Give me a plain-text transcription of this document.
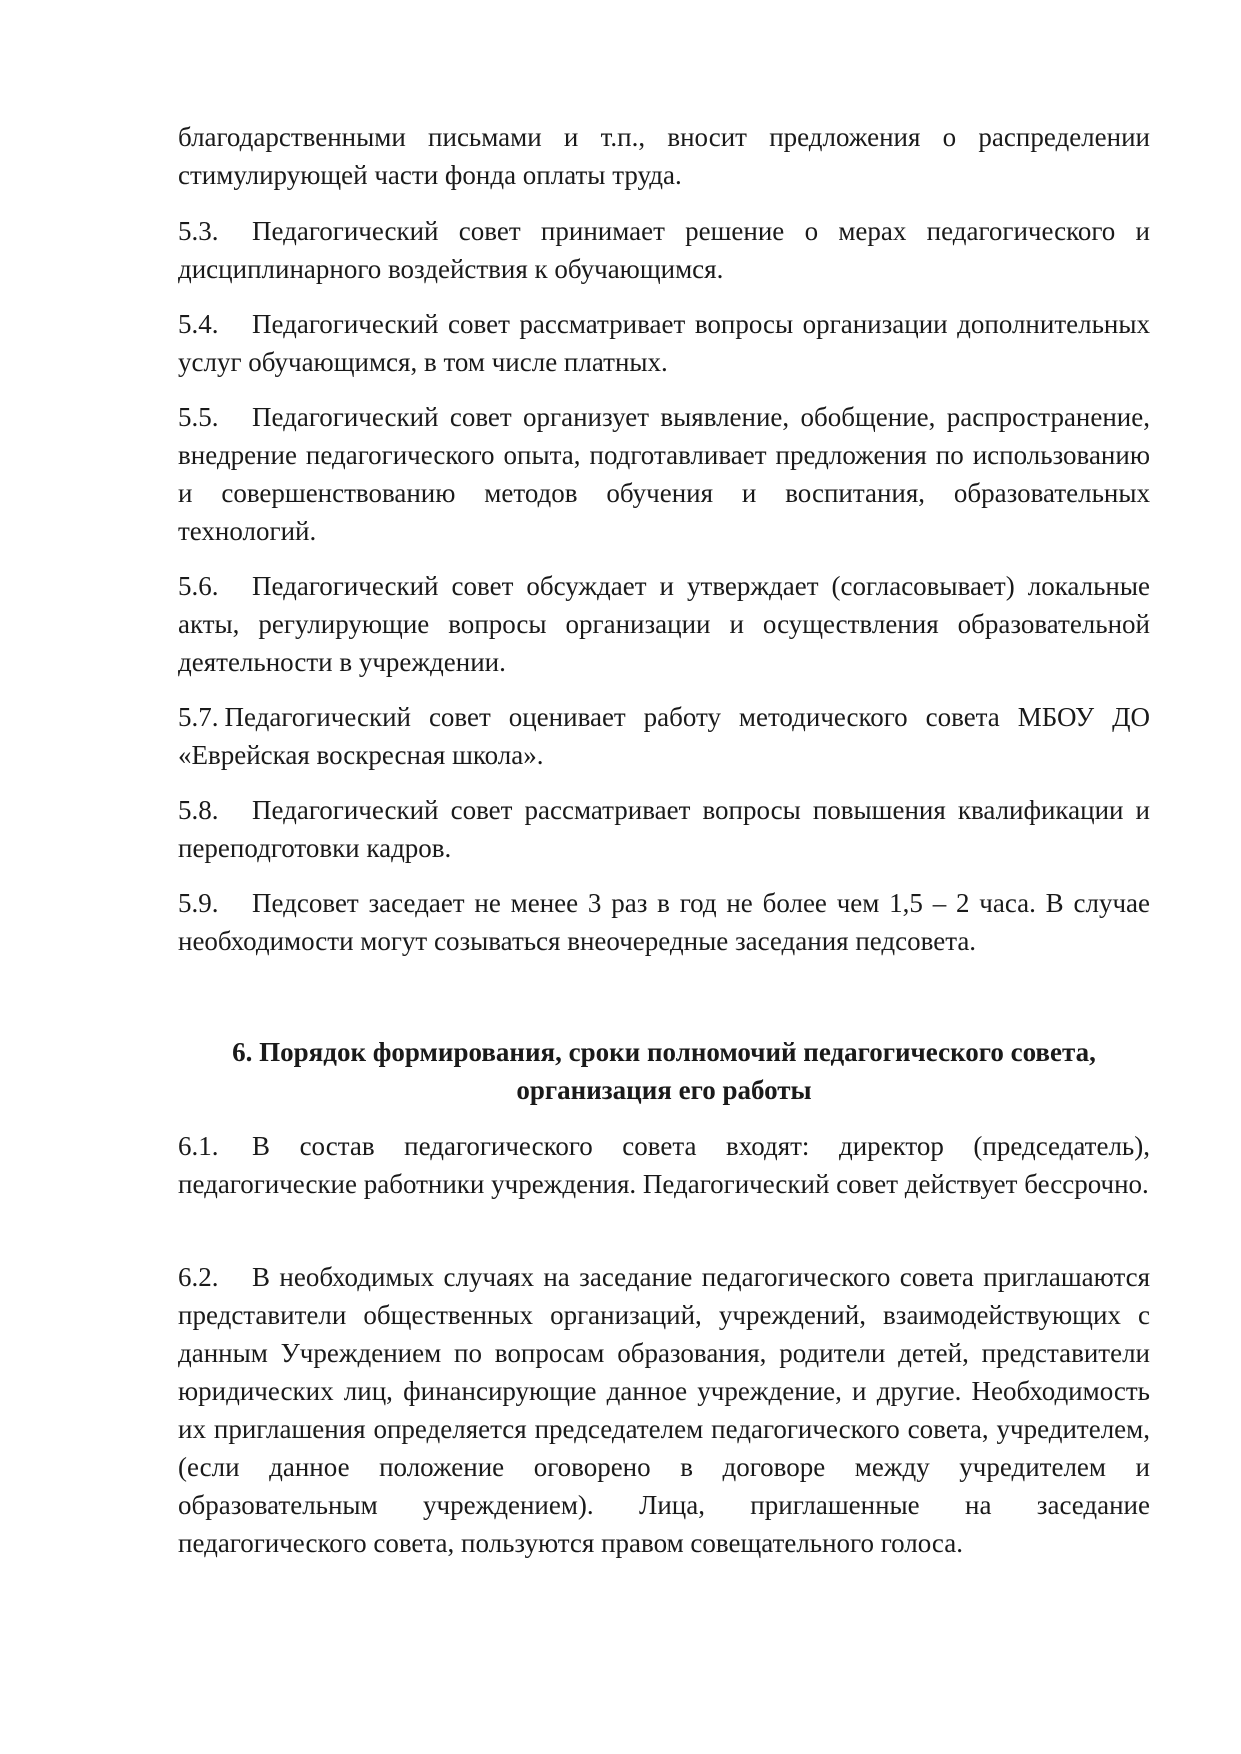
благодарственными письмами и т.п., вносит предложения о распределении стимулирующей части фонда оплаты труда.

5.3. Педагогический совет принимает решение о мерах педагогического и дисциплинарного воздействия к обучающимся.

5.4. Педагогический совет рассматривает вопросы организации дополнительных услуг обучающимся, в том числе платных.

5.5. Педагогический совет организует выявление, обобщение, распространение, внедрение педагогического опыта, подготавливает предложения по использованию и совершенствованию методов обучения и воспитания, образовательных технологий.

5.6. Педагогический совет обсуждает и утверждает (согласовывает) локальные акты, регулирующие вопросы организации и осуществления образовательной деятельности в учреждении.

5.7. Педагогический совет оценивает работу методического совета МБОУ ДО «Еврейская воскресная школа».

5.8. Педагогический совет рассматривает вопросы повышения квалификации и переподготовки кадров.

5.9. Педсовет заседает не менее 3 раз в год не более чем 1,5 – 2 часа. В случае необходимости могут созываться внеочередные заседания педсовета.

6. Порядок формирования, сроки полномочий педагогического совета,
организация его работы

6.1. В состав педагогического совета входят: директор (председатель), педагогические работники учреждения. Педагогический совет действует бессрочно.

6.2. В необходимых случаях на заседание педагогического совета приглашаются представители общественных организаций, учреждений, взаимодействующих с данным Учреждением по вопросам образования, родители детей, представители юридических лиц, финансирующие данное учреждение, и другие. Необходимость их приглашения определяется председателем педагогического совета, учредителем, (если данное положение оговорено в договоре между учредителем и образовательным учреждением). Лица, приглашенные на заседание педагогического совета, пользуются правом совещательного голоса.
